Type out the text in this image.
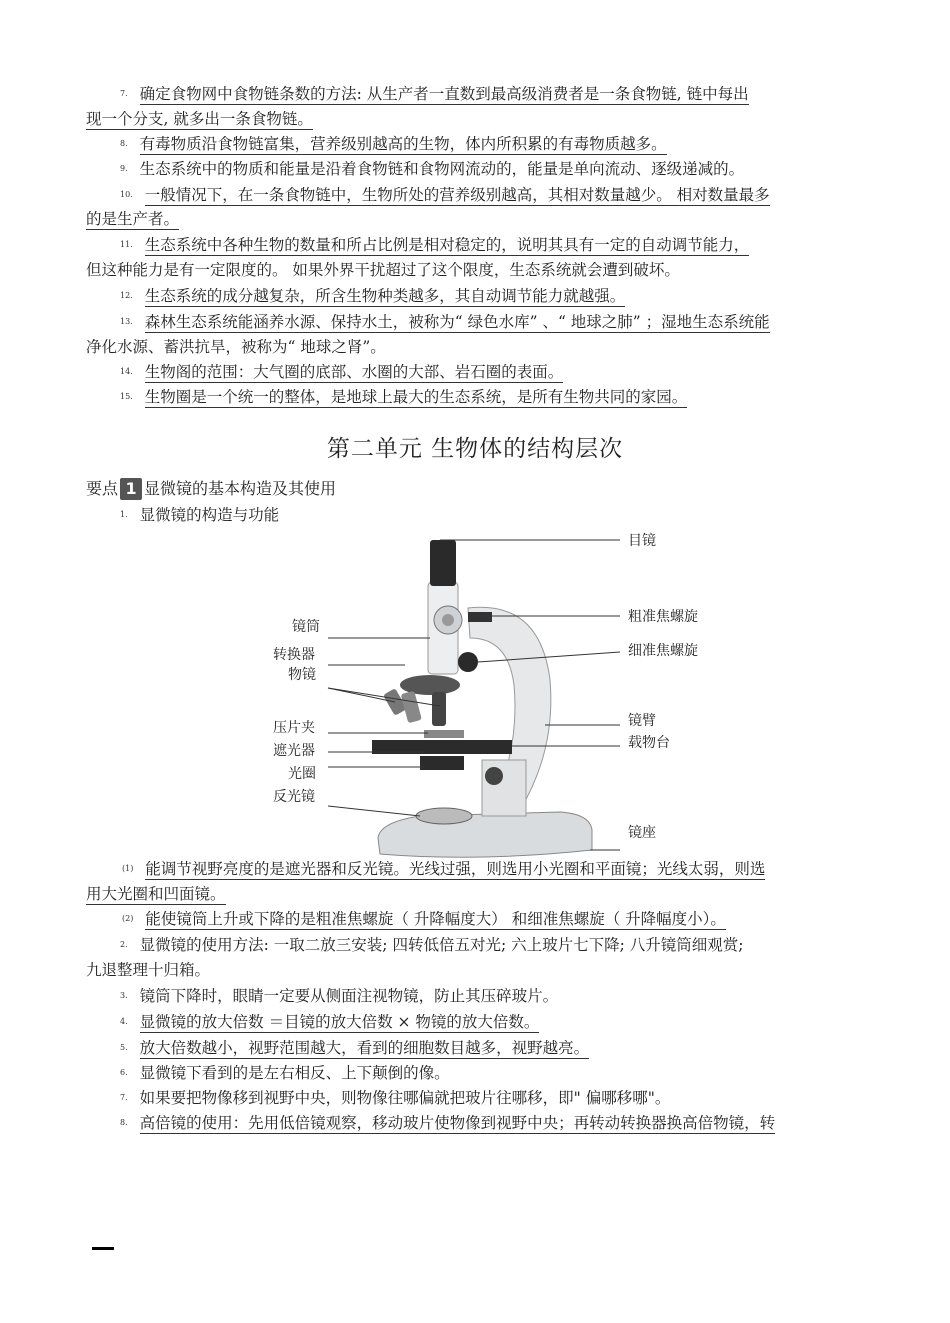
$^{7.}$ 确定食物网中食物链条数的方法: 从生产者一直数到最高级消费者是一条食物链, 链中每出
现一个分支, 就多出一条食物链。
$^{8.}$ 有毒物质沿食物链富集，营养级别越高的生物，体内所积累的有毒物质越多。
$^{9.}$ 生态系统中的物质和能量是沿着食物链和食物网流动的，能量是单向流动、逐级递减的。
$^{10.}$ 一般情况下，在一条食物链中，生物所处的营养级别越高，其相对数量越少。 相对数量最多
的是生产者。
$^{11.}$ 生态系统中各种生物的数量和所占比例是相对稳定的，说明其具有一定的自动调节能力，
但这种能力是有一定限度的。 如果外界干扰超过了这个限度，生态系统就会遭到破坏。
$^{12.}$ 生态系统的成分越复杂，所含生物种类越多，其自动调节能力就越强。
$^{13.}$ 森林生态系统能涵养水源、保持水土，被称为“ 绿色水库” 、“ 地球之肺” ；湿地生态系统能
净化水源、蓄洪抗旱，被称为“ 地球之肾”。
$^{14.}$ 生物阁的范围：大气圈的底部、水圈的大部、岩石圈的表面。
$^{15.}$ 生物圈是一个统一的整体，是地球上最大的生态系统，是所有生物共同的家园。
第二单元 生物体的结构层次
要点 1 显微镜的基本构造及其使用
$^{1.}$ 显微镜的构造与功能
目镜
粗准焦螺旋
细准焦螺旋
镜臂
载物台
镜座
镜筒
转换器
物镜
压片夹
遮光器
光圈
反光镜
$^{(1)}$ 能调节视野亮度的是遮光器和反光镜。光线过强，则选用小光圈和平面镜；光线太弱，则选
用大光圈和凹面镜。
$^{(2)}$ 能使镜筒上升或下降的是粗准焦螺旋（ 升降幅度大） 和细准焦螺旋（ 升降幅度小）。
$^{2.}$ 显微镜的使用方法: 一取二放三安装; 四转低倍五对光; 六上玻片七下降; 八升镜筒细观赏;
九退整理十归箱。
$^{3.}$ 镜筒下降时，眼睛一定要从侧面注视物镜，防止其压碎玻片。
$^{4.}$ 显微镜的放大倍数 ＝目镜的放大倍数 × 物镜的放大倍数。
$^{5.}$ 放大倍数越小，视野范围越大，看到的细胞数目越多，视野越亮。
$^{6.}$ 显微镜下看到的是左右相反、上下颠倒的像。
$^{7.}$ 如果要把物像移到视野中央，则物像往哪偏就把玻片往哪移，即" 偏哪移哪"。
$^{8.}$ 高倍镜的使用：先用低倍镜观察，移动玻片使物像到视野中央；再转动转换器换高倍物镜，转
